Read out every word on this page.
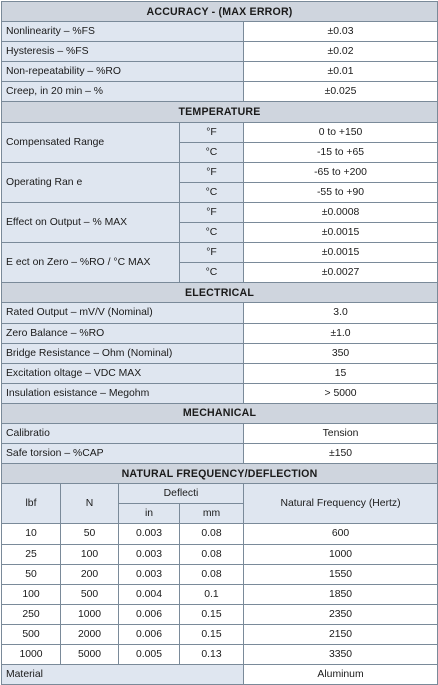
ACCURACY - (MAX ERROR)				
Nonlinearity – %FS				±0.03
Hysteresis – %FS				±0.02
Non-repeatability – %RO				±0.01
Creep, in 20 min – %				±0.025
TEMPERATURE				
Compensated Range			°F	0 to +150
			°C	-15 to +65
Operating Ran e			°F	-65 to +200
			°C	-55 to +90
Effect on Output – % MAX			°F	±0.0008
			°C	±0.0015
E ect on Zero – %RO / °C MAX			°F	±0.0015
			°C	±0.0027
ELECTRICAL				
Rated Output – mV/V (Nominal)				3.0
Zero Balance – %RO				±1.0
Bridge Resistance – Ohm (Nominal)				350
Excitation oltage – VDC MAX				15
Insulation esistance – Megohm				> 5000
MECHANICAL				
Calibratio				Tension
Safe torsion – %CAP				±150
NATURAL FREQUENCY/DEFLECTION				
lbf	N	Deflecti		Natural Frequency (Hertz)
		in	mm	
10	50	0.003	0.08	600
25	100	0.003	0.08	1000
50	200	0.003	0.08	1550
100	500	0.004	0.1	1850
250	1000	0.006	0.15	2350
500	2000	0.006	0.15	2150
1000	5000	0.005	0.13	3350
Material				Aluminum
